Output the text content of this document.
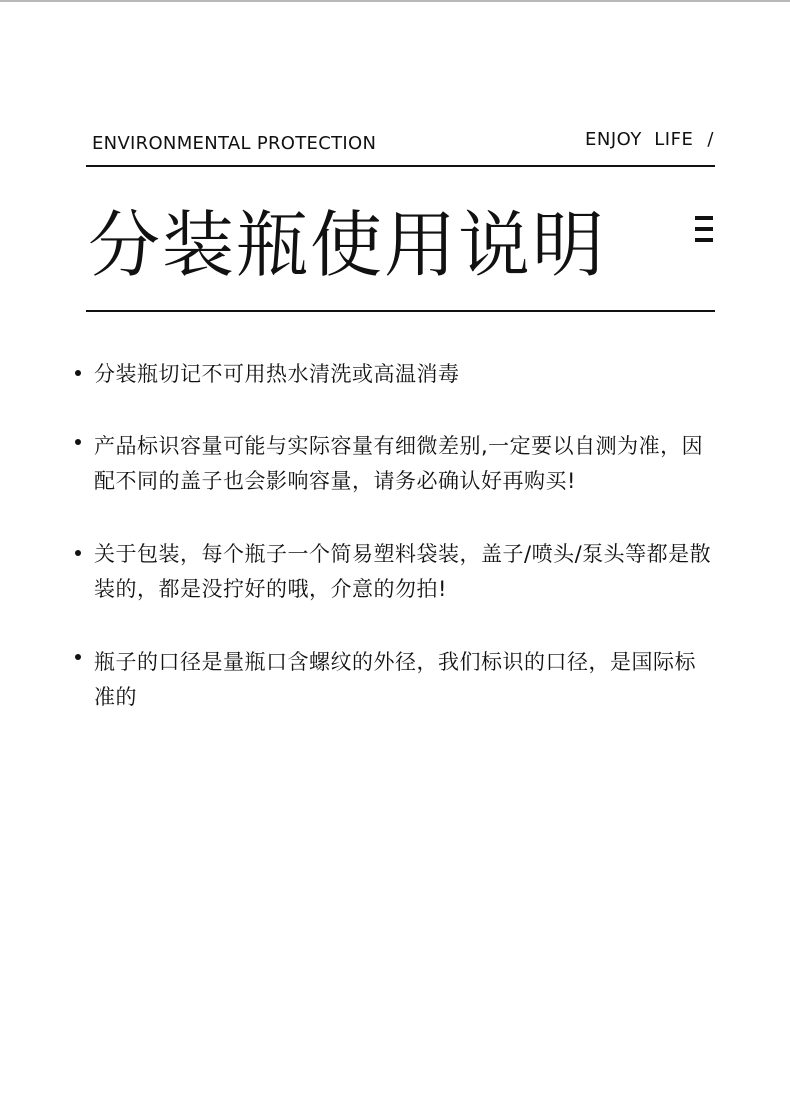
ENVIRONMENTAL PROTECTION	ENJOY  LIFE /
分装瓶使用说明
分装瓶切记不可用热水清洗或高温消毒
产品标识容量可能与实际容量有细微差别,一定要以自测为准，因配不同的盖子也会影响容量，请务必确认好再购买!
关于包装，每个瓶子一个简易塑料袋装，盖子/喷头/泵头等都是散装的，都是没拧好的哦，介意的勿拍!
瓶子的口径是量瓶口含螺纹的外径，我们标识的口径，是国际标准的
